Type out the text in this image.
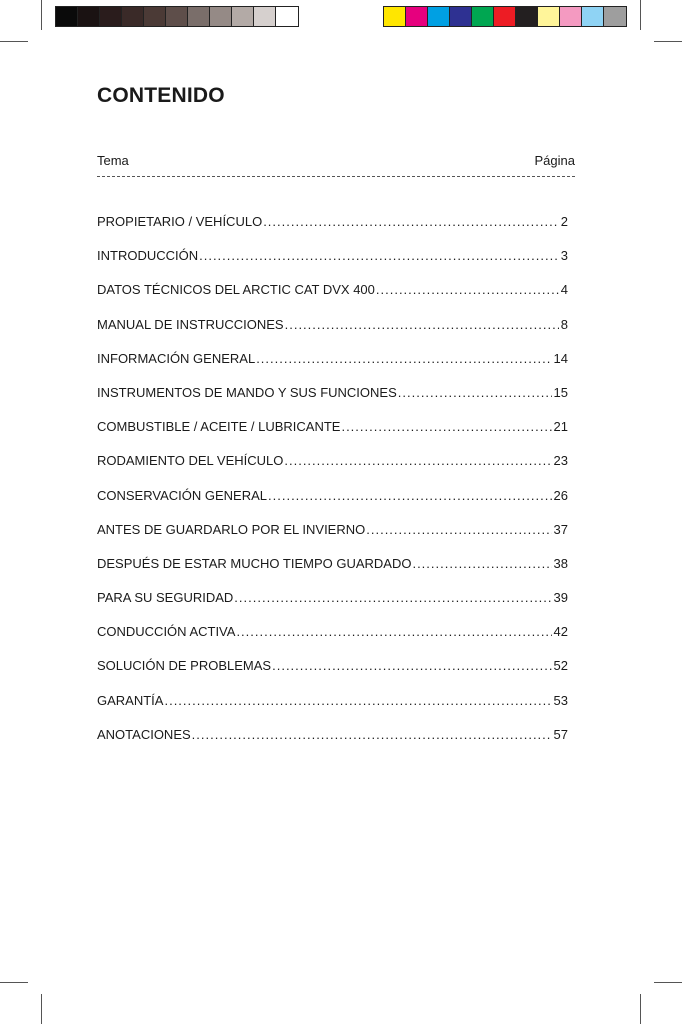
CONTENIDO
Tema	Página
PROPIETARIO / VEHÍCULO .....	2
INTRODUCCIÓN .....	3
DATOS TÉCNICOS DEL ARCTIC CAT DVX 400 .....	4
MANUAL DE INSTRUCCIONES .....	8
INFORMACIÓN GENERAL .....	14
INSTRUMENTOS DE MANDO Y SUS FUNCIONES .....	15
COMBUSTIBLE / ACEITE / LUBRICANTE .....	21
RODAMIENTO DEL VEHÍCULO .....	23
CONSERVACIÓN GENERAL .....	26
ANTES DE GUARDARLO POR EL INVIERNO .....	37
DESPUÉS DE ESTAR MUCHO TIEMPO GUARDADO .....	38
PARA SU SEGURIDAD .....	39
CONDUCCIÓN ACTIVA .....	42
SOLUCIÓN DE PROBLEMAS .....	52
GARANTÍA .....	53
ANOTACIONES .....	57
